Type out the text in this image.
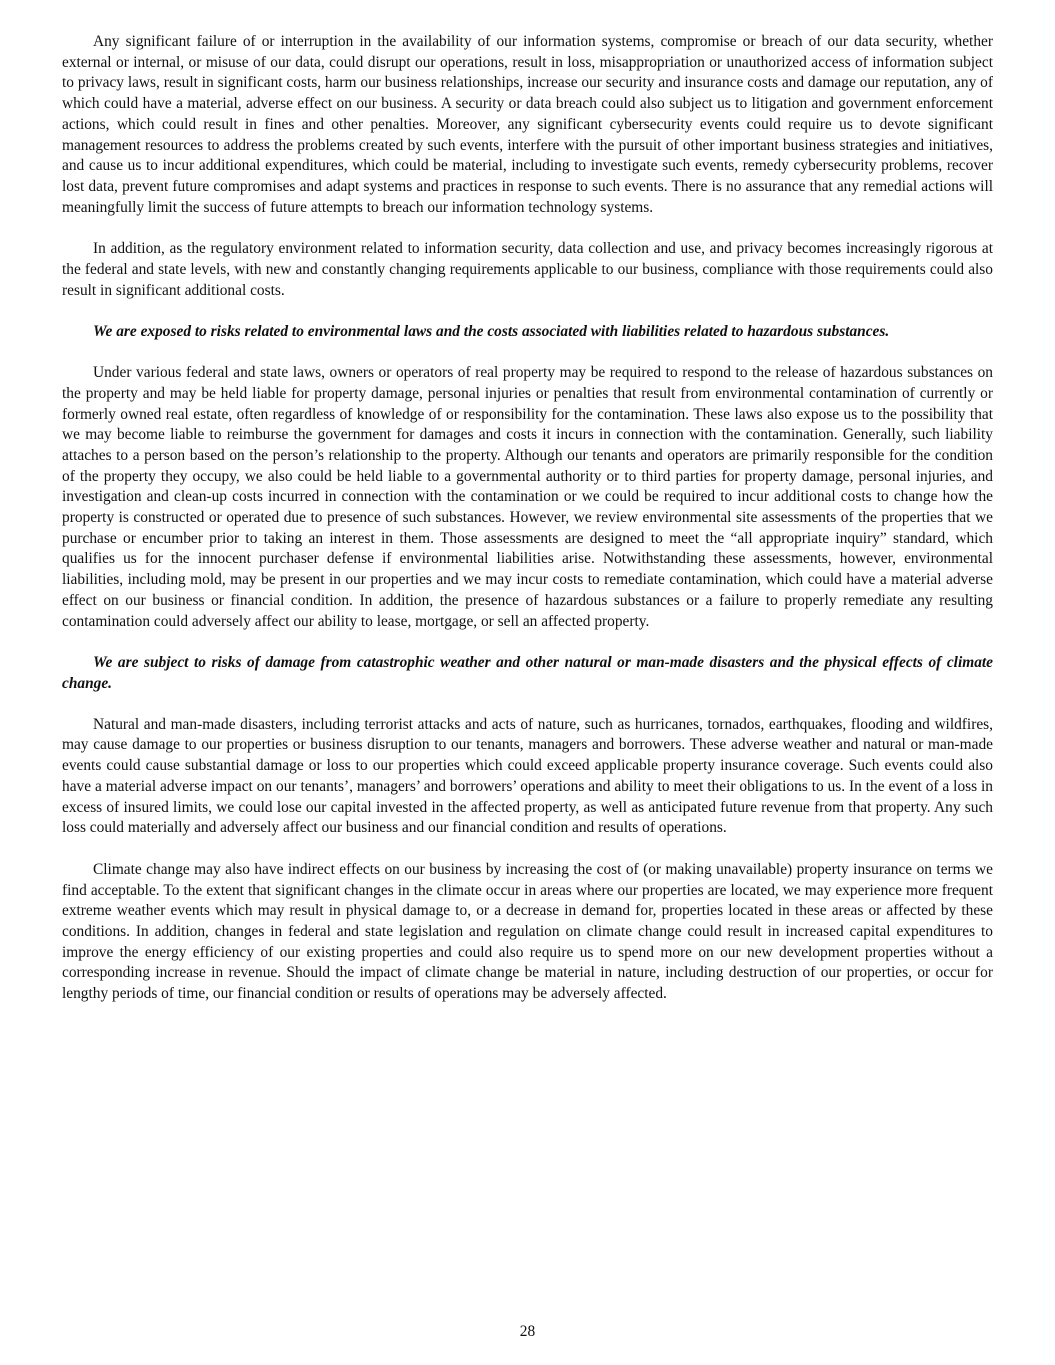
Any significant failure of or interruption in the availability of our information systems, compromise or breach of our data security, whether external or internal, or misuse of our data, could disrupt our operations, result in loss, misappropriation or unauthorized access of information subject to privacy laws, result in significant costs, harm our business relationships, increase our security and insurance costs and damage our reputation, any of which could have a material, adverse effect on our business. A security or data breach could also subject us to litigation and government enforcement actions, which could result in fines and other penalties. Moreover, any significant cybersecurity events could require us to devote significant management resources to address the problems created by such events, interfere with the pursuit of other important business strategies and initiatives, and cause us to incur additional expenditures, which could be material, including to investigate such events, remedy cybersecurity problems, recover lost data, prevent future compromises and adapt systems and practices in response to such events. There is no assurance that any remedial actions will meaningfully limit the success of future attempts to breach our information technology systems.

In addition, as the regulatory environment related to information security, data collection and use, and privacy becomes increasingly rigorous at the federal and state levels, with new and constantly changing requirements applicable to our business, compliance with those requirements could also result in significant additional costs.

We are exposed to risks related to environmental laws and the costs associated with liabilities related to hazardous substances.

Under various federal and state laws, owners or operators of real property may be required to respond to the release of hazardous substances on the property and may be held liable for property damage, personal injuries or penalties that result from environmental contamination of currently or formerly owned real estate, often regardless of knowledge of or responsibility for the contamination. These laws also expose us to the possibility that we may become liable to reimburse the government for damages and costs it incurs in connection with the contamination. Generally, such liability attaches to a person based on the person’s relationship to the property. Although our tenants and operators are primarily responsible for the condition of the property they occupy, we also could be held liable to a governmental authority or to third parties for property damage, personal injuries, and investigation and clean-up costs incurred in connection with the contamination or we could be required to incur additional costs to change how the property is constructed or operated due to presence of such substances. However, we review environmental site assessments of the properties that we purchase or encumber prior to taking an interest in them. Those assessments are designed to meet the “all appropriate inquiry” standard, which qualifies us for the innocent purchaser defense if environmental liabilities arise. Notwithstanding these assessments, however, environmental liabilities, including mold, may be present in our properties and we may incur costs to remediate contamination, which could have a material adverse effect on our business or financial condition. In addition, the presence of hazardous substances or a failure to properly remediate any resulting contamination could adversely affect our ability to lease, mortgage, or sell an affected property.

We are subject to risks of damage from catastrophic weather and other natural or man-made disasters and the physical effects of climate change.

Natural and man-made disasters, including terrorist attacks and acts of nature, such as hurricanes, tornados, earthquakes, flooding and wildfires, may cause damage to our properties or business disruption to our tenants, managers and borrowers. These adverse weather and natural or man-made events could cause substantial damage or loss to our properties which could exceed applicable property insurance coverage. Such events could also have a material adverse impact on our tenants’, managers’ and borrowers’ operations and ability to meet their obligations to us. In the event of a loss in excess of insured limits, we could lose our capital invested in the affected property, as well as anticipated future revenue from that property. Any such loss could materially and adversely affect our business and our financial condition and results of operations.

Climate change may also have indirect effects on our business by increasing the cost of (or making unavailable) property insurance on terms we find acceptable. To the extent that significant changes in the climate occur in areas where our properties are located, we may experience more frequent extreme weather events which may result in physical damage to, or a decrease in demand for, properties located in these areas or affected by these conditions. In addition, changes in federal and state legislation and regulation on climate change could result in increased capital expenditures to improve the energy efficiency of our existing properties and could also require us to spend more on our new development properties without a corresponding increase in revenue. Should the impact of climate change be material in nature, including destruction of our properties, or occur for lengthy periods of time, our financial condition or results of operations may be adversely affected.

28
